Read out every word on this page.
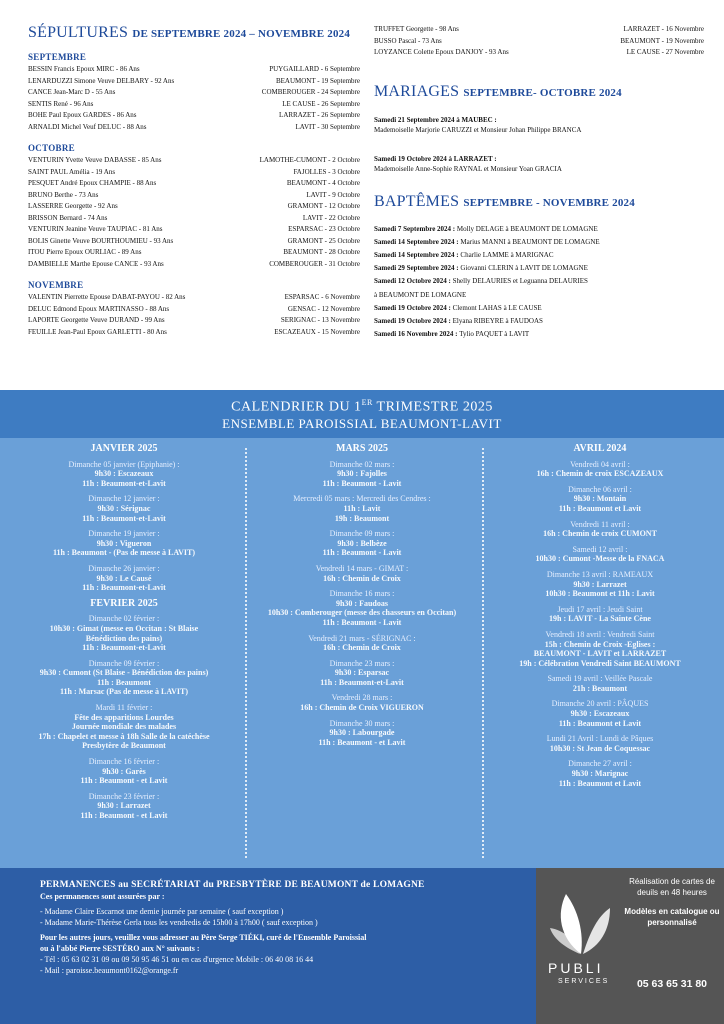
SÉPULTURES DE SEPTEMBRE 2024 – NOVEMBRE 2024
SEPTEMBRE
BESSIN Francis Epoux MIRC - 86 Ans	PUYGAILLARD - 6 Septembre
LENARDUZZI Simone Veuve DELBARY - 92 Ans	BEAUMONT - 19 Septembre
CANCE Jean-Marc D - 55 Ans	COMBEROUGER - 24 Septembre
SENTIS René - 96 Ans	LE CAUSE - 26 Septembre
BOHE Paul Epoux GARDES - 86 Ans	LARRAZET - 26 Septembre
ARNALDI Michel Veuf DELUC - 88 Ans	LAVIT - 30 Septembre
OCTOBRE
VENTURIN Yvette Veuve DABASSE - 85 Ans	LAMOTHE-CUMONT - 2 Octobre
SAINT PAUL Amélia - 19 Ans	FAJOLLES - 3 Octobre
PESQUET André Epoux CHAMPIE - 88 Ans	BEAUMONT - 4 Octobre
BRUNO Berthe - 73 Ans	LAVIT - 9 Octobre
LASSERRE Georgette - 92 Ans	GRAMONT - 12 Octobre
BRISSON Bernard - 74 Ans	LAVIT - 22 Octobre
VENTURIN Jeanine Veuve TAUPIAC - 81 Ans	ESPARSAC - 23 Octobre
BOLIS Ginette Veuve BOURTHOUMIEU - 93 Ans	GRAMONT - 25 Octobre
ITOU Pierre Epoux OURLIAC - 89 Ans	BEAUMONT - 28 Octobre
DAMBIELLE Marthe Epouse CANCE - 93 Ans	COMBEROUGER - 31 Octobre
NOVEMBRE
VALENTIN Pierrette Epouse DABAT-PAYOU - 82 Ans	ESPARSAC - 6 Novembre
DELUC Edmond Epoux MARTINASSO - 88 Ans	GENSAC - 12 Novembre
LAPORTE Georgette Veuve DURAND - 99 Ans	SERIGNAC - 13 Novembre
FEUILLE Jean-Paul Epoux GARLETTI - 80 Ans	ESCAZEAUX - 15 Novembre
TRUFFET Georgette - 98 Ans	LARRAZET - 16 Novembre
BUSSO Pascal - 73 Ans	BEAUMONT - 19 Novembre
LOYZANCE Colette Epoux DANJOY - 93 Ans	LE CAUSE - 27 Novembre
MARIAGES SEPTEMBRE- OCTOBRE 2024
Samedi 21 Septembre 2024 à MAUBEC :
Mademoiselle Marjorie CARUZZI et Monsieur Johan Philippe BRANCA
Samedi 19 Octobre 2024 à LARRAZET :
Mademoiselle Anne-Sophie RAYNAL et Monsieur Yoan GRACIA
BAPTÊMES SEPTEMBRE - NOVEMBRE 2024
Samedi 7 Septembre 2024 : Molly DELAGE à BEAUMONT DE LOMAGNE
Samedi 14 Septembre 2024 : Marius MANNI à BEAUMONT DE LOMAGNE
Samedi 14 Septembre 2024 : Charlie LAMME à MARIGNAC
Samedi 29 Septembre 2024 : Giovanni CLERIN à LAVIT DE LOMAGNE
Samedi 12 Octobre 2024 : Shelly DELAURIES et Leguanna DELAURIES
à BEAUMONT DE LOMAGNE
Samedi 19 Octobre 2024 : Clemont LAHAS à LE CAUSE
Samedi 19 Octobre 2024 : Elyana RIBEYRE à FAUDOAS
Samedi 16 Novembre 2024 : Tylio PAQUET à LAVIT
CALENDRIER DU 1ER TRIMESTRE 2025
ENSEMBLE PAROISSIAL BEAUMONT-LAVIT
JANVIER 2025
Dimanche 05 janvier (Epiphanie) :
9h30 : Escazeaux
11h : Beaumont-et-Lavit
Dimanche 12 janvier :
9h30 : Sérignac
11h : Beaumont-et-Lavit
Dimanche 19 janvier :
9h30 : Vigueron
11h : Beaumont - (Pas de messe à LAVIT)
Dimanche 26 janvier :
9h30 : Le Causé
11h : Beaumont-et-Lavit
FEVRIER 2025
Dimanche 02 février :
10h30 : Gimat (messe en Occitan : St Blaise
Bénédiction des pains)
11h : Beaumont-et-Lavit
Dimanche 09 février :
9h30 : Cumont (St Blaise - Bénédiction des pains)
11h : Beaumont
11h : Marsac (Pas de messe à LAVIT)
Mardi 11 février :
Fête des apparitions Lourdes
Journée mondiale des malades
17h : Chapelet et messe à 18h Salle de la catéchèse
Presbytère de Beaumont
Dimanche 16 février :
9h30 : Garès
11h : Beaumont - et Lavit
Dimanche 23 février :
9h30 : Larrazet
11h : Beaumont - et Lavit
MARS 2025
Dimanche 02 mars :
9h30 : Fajolles
11h : Beaumont - Lavit
Mercredi 05 mars : Mercredi des Cendres :
11h : Lavit
19h : Beaumont
Dimanche 09 mars :
9h30 : Belbèze
11h : Beaumont - Lavit
Vendredi 14 mars - GIMAT :
16h : Chemin de Croix
Dimanche 16 mars :
9h30 : Faudoas
10h30 : Comberouger (messe des chasseurs en Occitan)
11h : Beaumont - Lavit
Vendredi 21 mars - SÉRIGNAC :
16h : Chemin de Croix
Dimanche 23 mars :
9h30 : Esparsac
11h : Beaumont-et-Lavit
Vendredi 28 mars :
16h : Chemin de Croix VIGUERON
Dimanche 30 mars :
9h30 : Labourgade
11h : Beaumont - et Lavit
AVRIL 2024
Vendredi 04 avril :
16h : Chemin de croix ESCAZEAUX
Dimanche 06 avril :
9h30 : Montain
11h : Beaumont et Lavit
Vendredi 11 avril :
16h : Chemin de croix CUMONT
Samedi 12 avril :
10h30 : Cumont -Messe de la FNACA
Dimanche 13 avril : RAMEAUX
9h30 : Larrazet
10h30 : Beaumont et 11h : Lavit
Jeudi 17 avril : Jeudi Saint
19h : LAVIT - La Sainte Cène
Vendredi 18 avril : Vendredi Saint
15h : Chemin de Croix -Eglises :
BEAUMONT - LAVIT et LARRAZET
19h : Célébration Vendredi Saint BEAUMONT
Samedi 19 avril : Veillée Pascale
21h : Beaumont
Dimanche 20 avril : PÂQUES
9h30 : Escazeaux
11h : Beaumont et Lavit
Lundi 21 Avril : Lundi de Pâques
10h30 : St Jean de Coquessac
Dimanche 27 avril :
9h30 : Marignac
11h : Beaumont et Lavit
PERMANENCES au SECRÉTARIAT du PRESBYTÈRE DE BEAUMONT de LOMAGNE
Ces permanences sont assurées par :
- Madame Claire Escarnot une demie journée par semaine ( sauf exception )
- Madame Marie-Thérèse Gerla tous les vendredis de 15h00 à 17h00 ( sauf exception )
Pour les autres jours, veuillez vous adresser au Père Serge TIÉKI, curé de l'Ensemble Paroissial
ou à l'abbé Pierre SESTÉRO aux N° suivants :
- Tél : 05 63 02 31 09 ou 09 50 95 46 51 ou en cas d'urgence Mobile : 06 40 08 16 44
- Mail : paroisse.beaumont0162@orange.fr	PUBLI
SERVICES
Réalisation de cartes de deuils en 48 heures
Modèles en catalogue ou personnalisé
05 63 65 31 80
